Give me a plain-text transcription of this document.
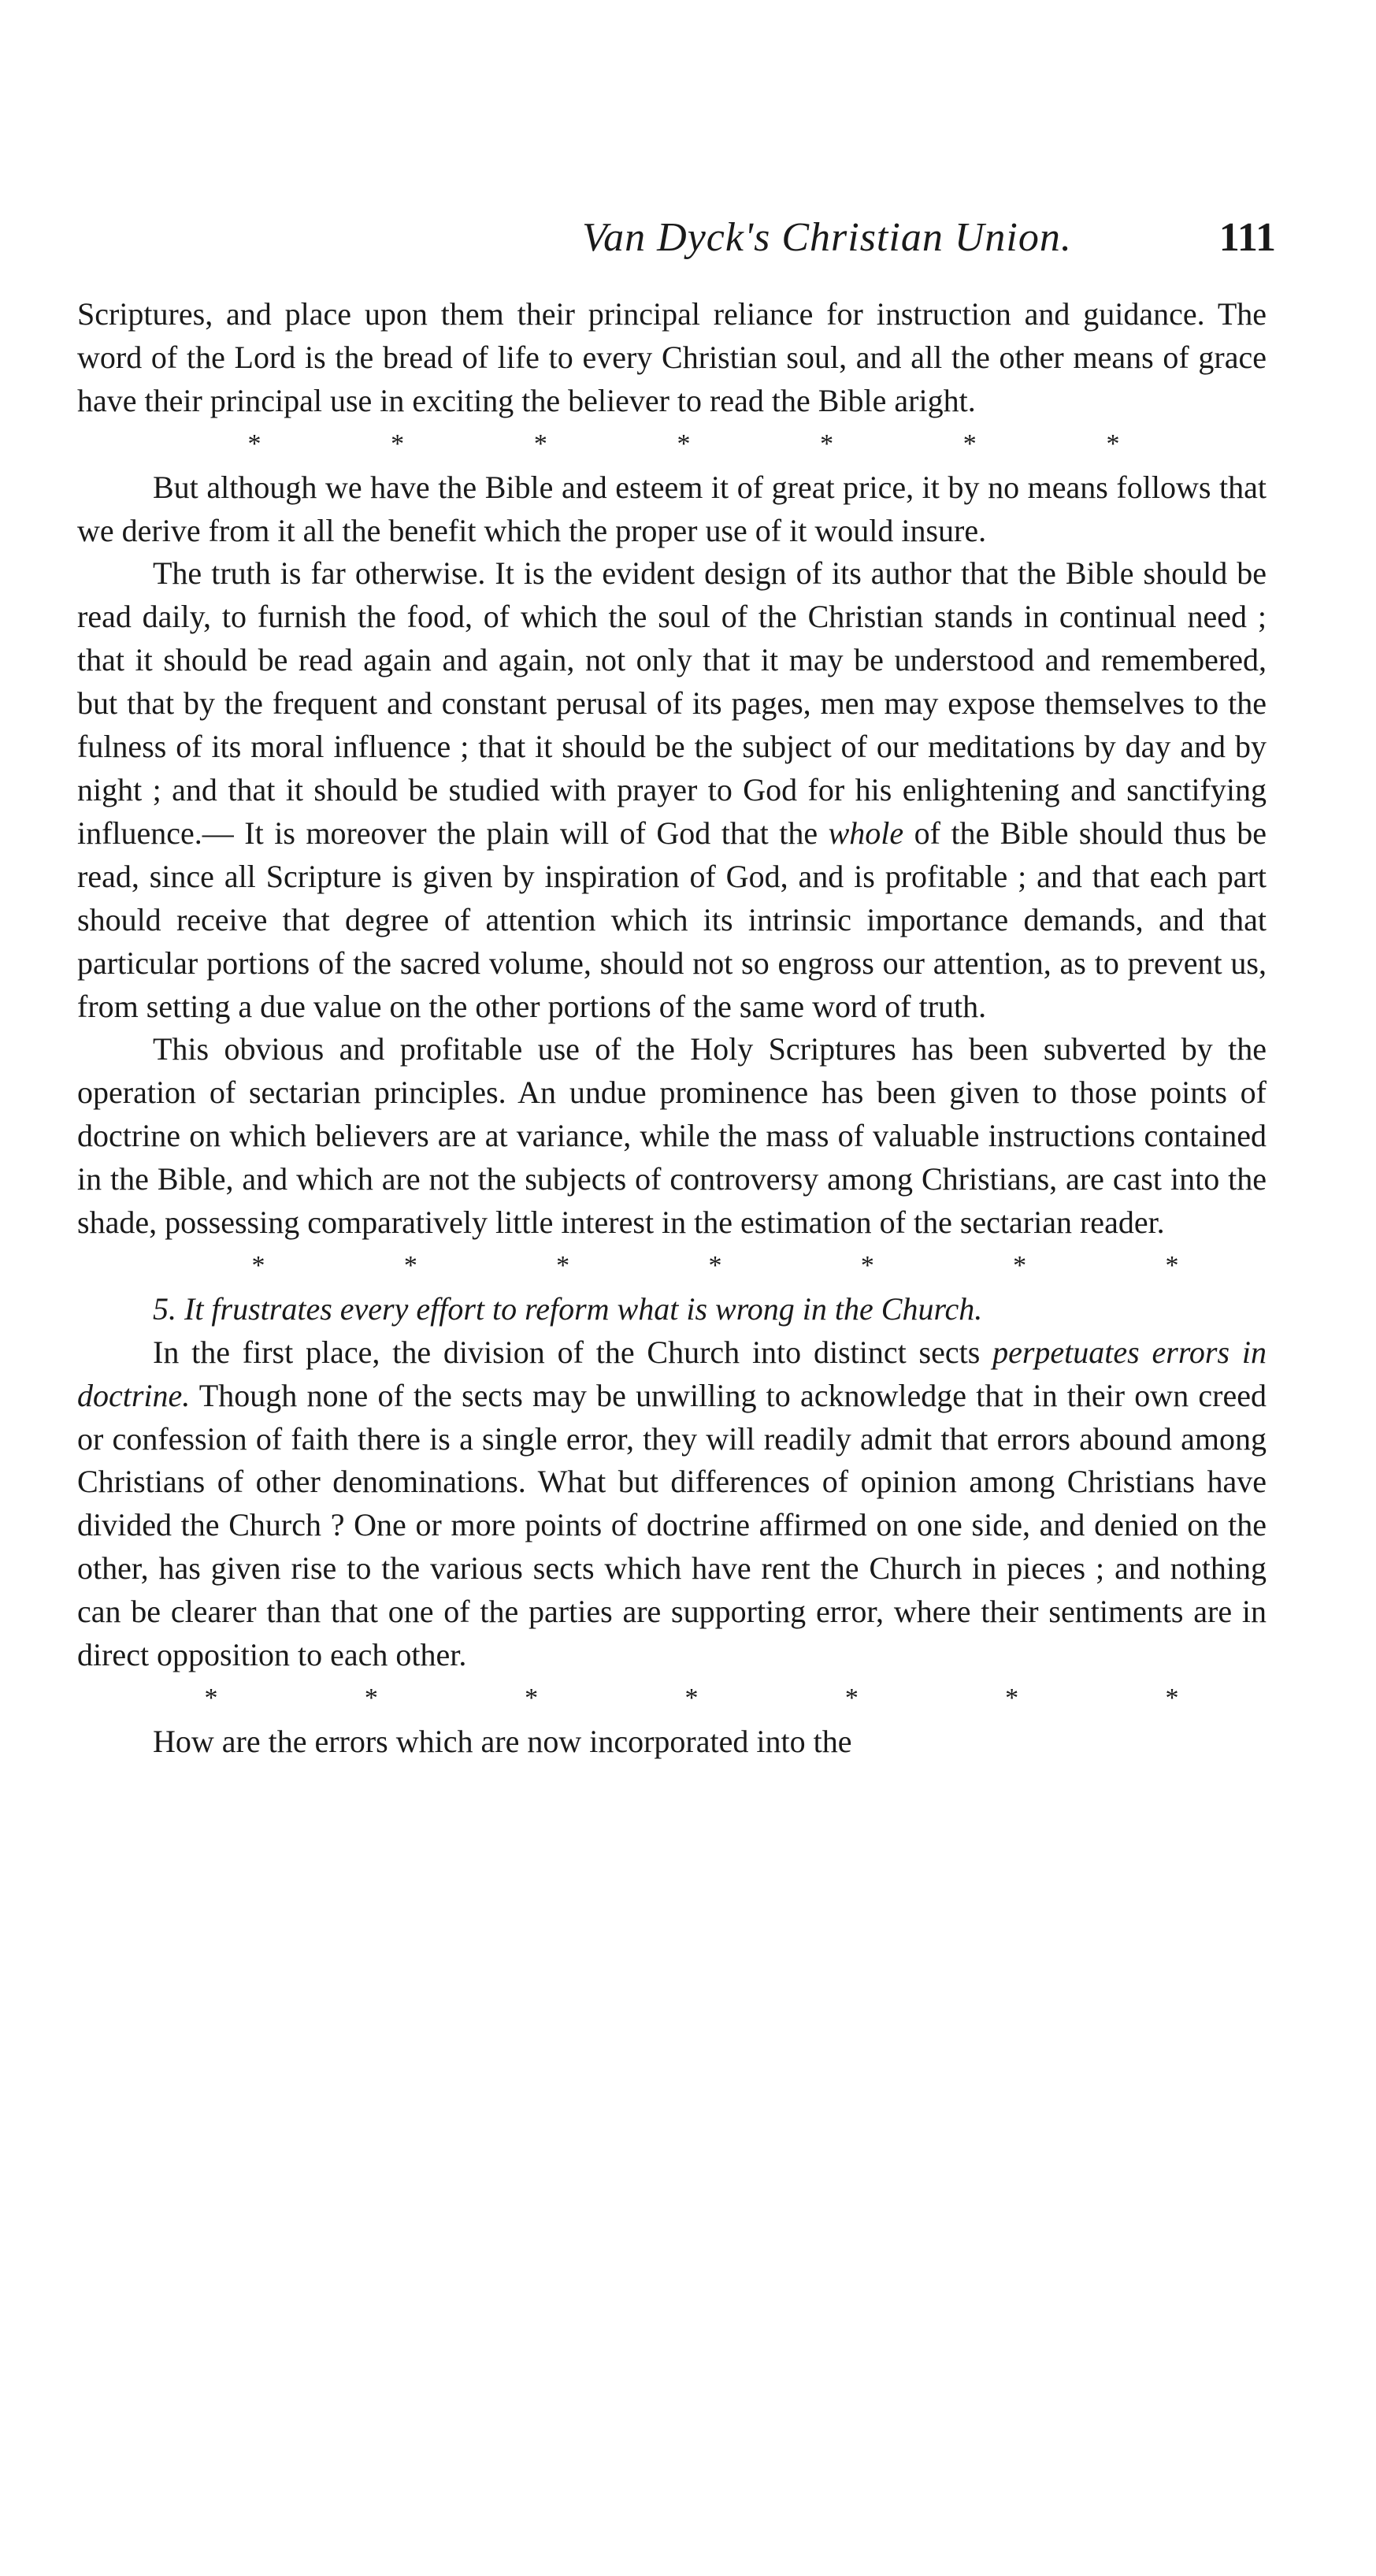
Van Dyck's Christian Union.	111

Scriptures, and place upon them their principal reliance for instruction and guidance. The word of the Lord is the bread of life to every Christian soul, and all the other means of grace have their principal use in exciting the believer to read the Bible aright.

*	*	*	*	*	*	*

But although we have the Bible and esteem it of great price, it by no means follows that we derive from it all the benefit which the proper use of it would insure.

The truth is far otherwise. It is the evident design of its author that the Bible should be read daily, to furnish the food, of which the soul of the Christian stands in continual need ; that it should be read again and again, not only that it may be understood and remembered, but that by the frequent and constant perusal of its pages, men may expose themselves to the fulness of its moral influence ; that it should be the subject of our meditations by day and by night ; and that it should be studied with prayer to God for his enlightening and sanctifying influence.— It is moreover the plain will of God that the whole of the Bible should thus be read, since all Scripture is given by inspiration of God, and is profitable ; and that each part should receive that degree of attention which its intrinsic importance demands, and that particular portions of the sacred volume, should not so engross our attention, as to prevent us, from setting a due value on the other portions of the same word of truth.

This obvious and profitable use of the Holy Scriptures has been subverted by the operation of sectarian principles. An undue prominence has been given to those points of doctrine on which believers are at variance, while the mass of valuable instructions contained in the Bible, and which are not the subjects of controversy among Christians, are cast into the shade, possessing comparatively little interest in the estimation of the sectarian reader.

*	*	*	*	*	*	*

5. It frustrates every effort to reform what is wrong in the Church.

In the first place, the division of the Church into distinct sects perpetuates errors in doctrine. Though none of the sects may be unwilling to acknowledge that in their own creed or confession of faith there is a single error, they will readily admit that errors abound among Christians of other denominations. What but differences of opinion among Christians have divided the Church ? One or more points of doctrine affirmed on one side, and denied on the other, has given rise to the various sects which have rent the Church in pieces ; and nothing can be clearer than that one of the parties are supporting error, where their sentiments are in direct opposition to each other.

*	*	*	*	*	*	*

How are the errors which are now incorporated into the
